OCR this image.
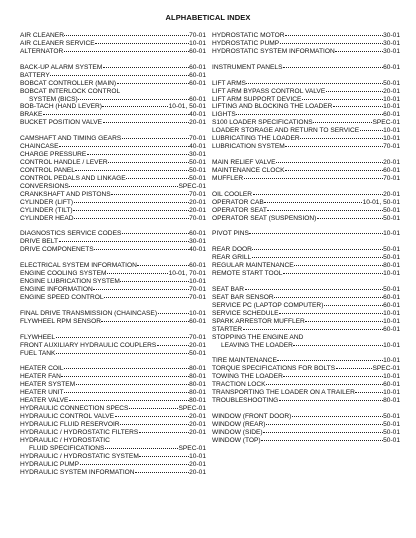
ALPHABETICAL INDEX
AIR CLEANER	70-01
AIR CLEANER SERVICE	10-01
ALTERNATOR	60-01
BACK-UP ALARM SYSTEM	60-01
BATTERY	60-01
BOBCAT CONTROLLER (MAIN)	60-01
BOBCAT INTERLOCK CONTROL
SYSTEM (BICS)	60-01
BOB-TACH (HAND LEVER)	10-01, 50-01
BRAKE	40-01
BUCKET POSITION VALVE	20-01
CAMSHAFT AND TIMING GEARS	70-01
CHAINCASE	40-01
CHARGE PRESSURE	30-01
CONTROL HANDLE / LEVER	50-01
CONTROL PANEL	50-01
CONTROL PEDALS AND LINKAGE	50-01
CONVERSIONS	SPEC-01
CRANKSHAFT AND PISTONS	70-01
CYLINDER (LIFT)	20-01
CYLINDER (TILT)	20-01
CYLINDER HEAD	70-01
DIAGNOSTICS SERVICE CODES	60-01
DRIVE BELT	30-01
DRIVE COMPONENETS	40-01
ELECTRICAL SYSTEM INFORMATION	60-01
ENGINE COOLING SYSTEM	10-01, 70-01
ENGINE LUBRICATION SYSTEM	10-01
ENGINE INFORMATION	70-01
ENGINE SPEED CONTROL	70-01
FINAL DRIVE TRANSMISSION (CHAINCASE)	10-01
FLYWHEEL RPM SENSOR	60-01
FLYWHEEL	70-01
FRONT AUXILIARY HYDRAULIC COUPLERS	20-01
FUEL TANK	50-01
HEATER COIL	80-01
HEATER FAN	80-01
HEATER SYSTEM	80-01
HEATER UNIT	80-01
HEATER VALVE	80-01
HYDRAULIC CONNECTION SPECS	SPEC-01
HYDRAULIC CONTROL VALVE	20-01
HYDRAULIC FLUID RESERVOIR	20-01
HYDRAULIC / HYDROSTATIC FILTERS	20-01
HYDRAULIC / HYDROSTATIC
FLUID SPECIFICATIONS	SPEC-01
HYDRAULIC / HYDROSTATIC SYSTEM	10-01
HYDRAULIC PUMP	20-01
HYDRAULIC SYSTEM INFORMATION	20-01
HYDROSTATIC MOTOR	30-01
HYDROSTATIC PUMP	30-01
HYDROSTATIC SYSTEM INFORMATION	30-01
INSTRUMENT PANELS	60-01
LIFT ARMS	50-01
LIFT ARM BYPASS CONTROL VALVE	20-01
LIFT ARM SUPPORT DEVICE	10-01
LIFTING AND BLOCKING THE LOADER	10-01
LIGHTS	60-01
S100 LOADER SPECIFICATIONS	SPEC-01
LOADER STORAGE AND RETURN TO SERVICE	10-01
LUBRICATING THE LOADER	10-01
LUBRICATION SYSTEM	70-01
MAIN RELIEF VALVE	20-01
MAINTENANCE CLOCK	60-01
MUFFLER	70-01
OIL COOLER	20-01
OPERATOR CAB	10-01, 50-01
OPERATOR SEAT	50-01
OPERATOR SEAT (SUSPENSION)	50-01
PIVOT PINS	10-01
REAR DOOR	50-01
REAR GRILL	50-01
REGULAR MAINTENANCE	80-01
REMOTE START TOOL	10-01
SEAT BAR	50-01
SEAT BAR SENSOR	60-01
SERVICE PC (LAPTOP COMPUTER)	60-01
SERVICE SCHEDULE	10-01
SPARK ARRESTOR MUFFLER	10-01
STARTER	60-01
STOPPING THE ENGINE AND
LEAVING THE LOADER	10-01
TIRE MAINTENANCE	10-01
TORQUE SPECIFICATIONS FOR BOLTS	SPEC-01
TOWING THE LOADER	10-01
TRACTION LOCK	60-01
TRANSPORTING THE LOADER ON A TRAILER	10-01
TROUBLESHOOTING	80-01
WINDOW (FRONT DOOR)	50-01
WINDOW (REAR)	50-01
WINDOW (SIDE)	50-01
WINDOW (TOP)	50-01
